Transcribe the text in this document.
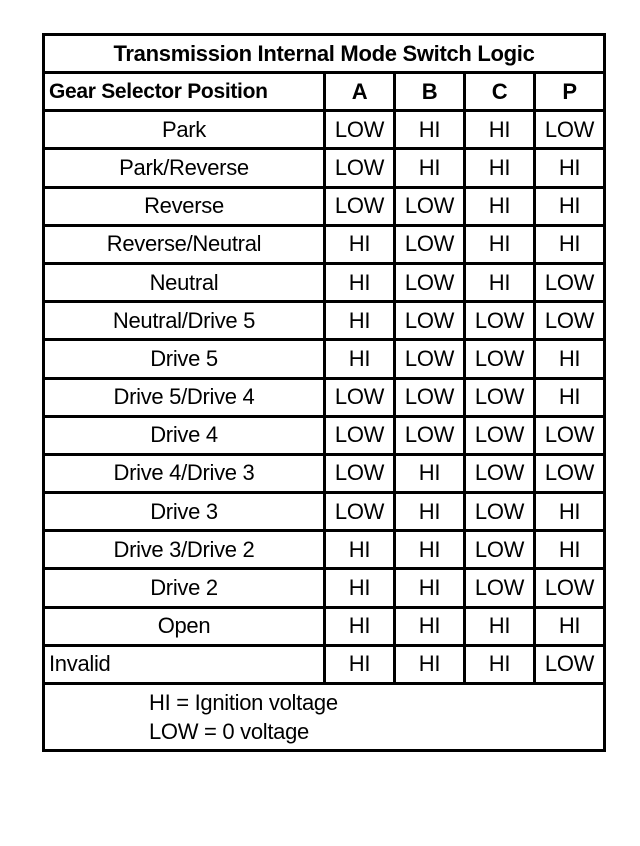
Transmission Internal Mode Switch Logic				
Gear Selector Position	A	B	C	P
Park	LOW	HI	HI	LOW
Park/Reverse	LOW	HI	HI	HI
Reverse	LOW	LOW	HI	HI
Reverse/Neutral	HI	LOW	HI	HI
Neutral	HI	LOW	HI	LOW
Neutral/Drive 5	HI	LOW	LOW	LOW
Drive 5	HI	LOW	LOW	HI
Drive 5/Drive 4	LOW	LOW	LOW	HI
Drive 4	LOW	LOW	LOW	LOW
Drive 4/Drive 3	LOW	HI	LOW	LOW
Drive 3	LOW	HI	LOW	HI
Drive 3/Drive 2	HI	HI	LOW	HI
Drive 2	HI	HI	LOW	LOW
Open	HI	HI	HI	HI
Invalid	HI	HI	HI	LOW

HI = Ignition voltage
LOW = 0 voltage				
